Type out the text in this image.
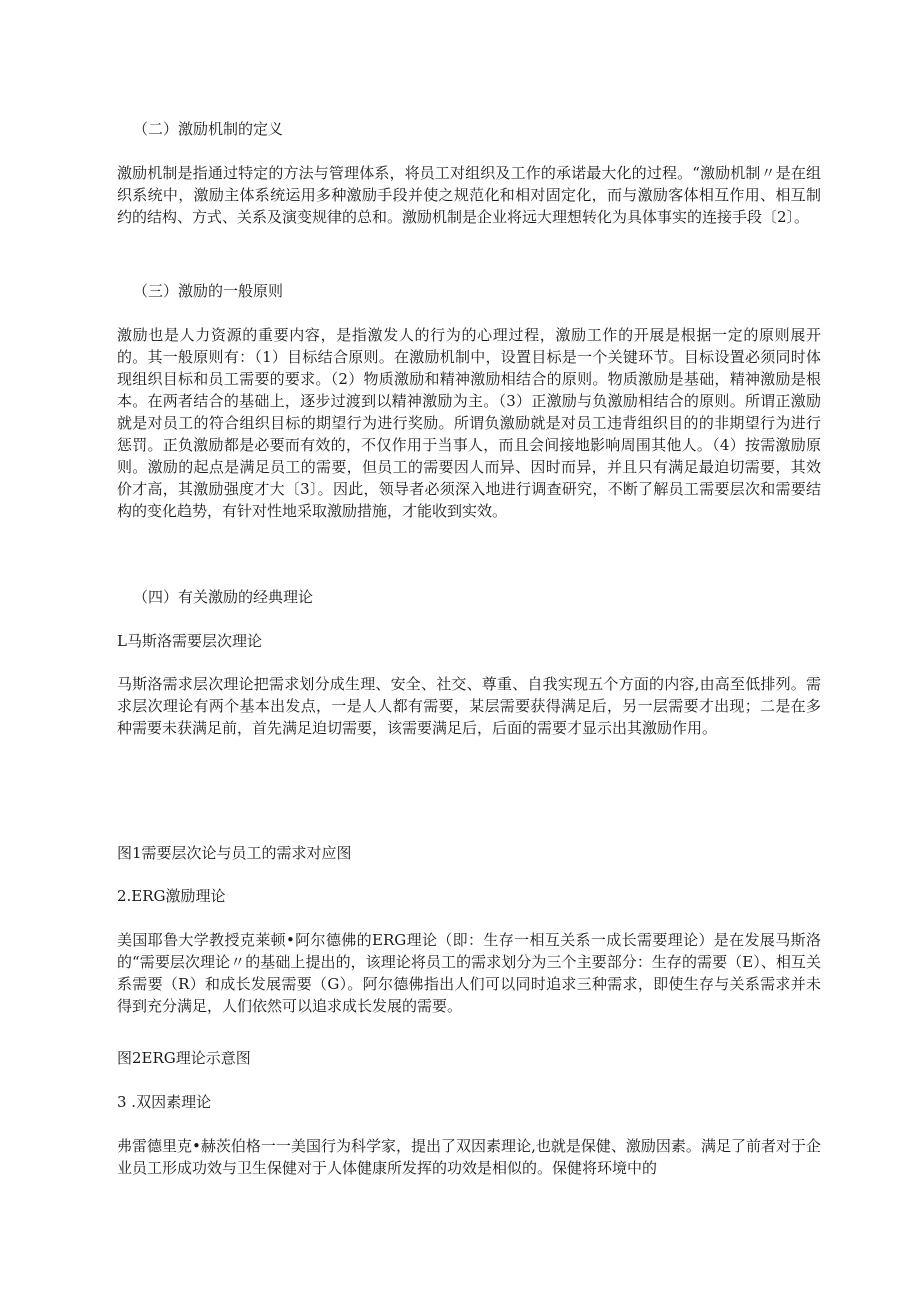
（二）激励机制的定义

激励机制是指通过特定的方法与管理体系，将员工对组织及工作的承诺最大化的过程。“激励机制〃是在组织系统中，激励主体系统运用多种激励手段并使之规范化和相对固定化，而与激励客体相互作用、相互制约的结构、方式、关系及演变规律的总和。激励机制是企业将远大理想转化为具体事实的连接手段〔2〕。

（三）激励的一般原则

激励也是人力资源的重要内容，是指激发人的行为的心理过程，激励工作的开展是根据一定的原则展开的。其一般原则有：（1）目标结合原则。在激励机制中，设置目标是一个关键环节。目标设置必须同时体现组织目标和员工需要的要求。（2）物质激励和精神激励相结合的原则。物质激励是基础，精神激励是根本。在两者结合的基础上，逐步过渡到以精神激励为主。（3）正激励与负激励相结合的原则。所谓正激励就是对员工的符合组织目标的期望行为进行奖励。所谓负激励就是对员工违背组织目的的非期望行为进行惩罚。正负激励都是必要而有效的，不仅作用于当事人，而且会间接地影响周围其他人。（4）按需激励原则。激励的起点是满足员工的需要，但员工的需要因人而异、因时而异，并且只有满足最迫切需要，其效价才高，其激励强度才大〔3〕。因此，领导者必须深入地进行调查研究，不断了解员工需要层次和需要结构的变化趋势，有针对性地采取激励措施，才能收到实效。

（四）有关激励的经典理论

L马斯洛需要层次理论

马斯洛需求层次理论把需求划分成生理、安全、社交、尊重、自我实现五个方面的内容,由高至低排列。需求层次理论有两个基本出发点，一是人人都有需要，某层需要获得满足后，另一层需要才出现；二是在多种需要未获满足前，首先满足迫切需要，该需要满足后，后面的需要才显示出其激励作用。

图1需要层次论与员工的需求对应图

2.ERG激励理论

美国耶鲁大学教授克莱顿•阿尔德佛的ERG理论（即：生存一相互关系一成长需要理论）是在发展马斯洛的“需要层次理论〃的基础上提出的，该理论将员工的需求划分为三个主要部分：生存的需要（E）、相互关系需要（R）和成长发展需要（G）。阿尔德佛指出人们可以同时追求三种需求，即使生存与关系需求并未得到充分满足，人们依然可以追求成长发展的需要。

图2ERG理论示意图

3 .双因素理论

弗雷德里克•赫茨伯格一一美国行为科学家，提出了双因素理论,也就是保健、激励因素。满足了前者对于企业员工形成功效与卫生保健对于人体健康所发挥的功效是相似的。保健将环境中的
